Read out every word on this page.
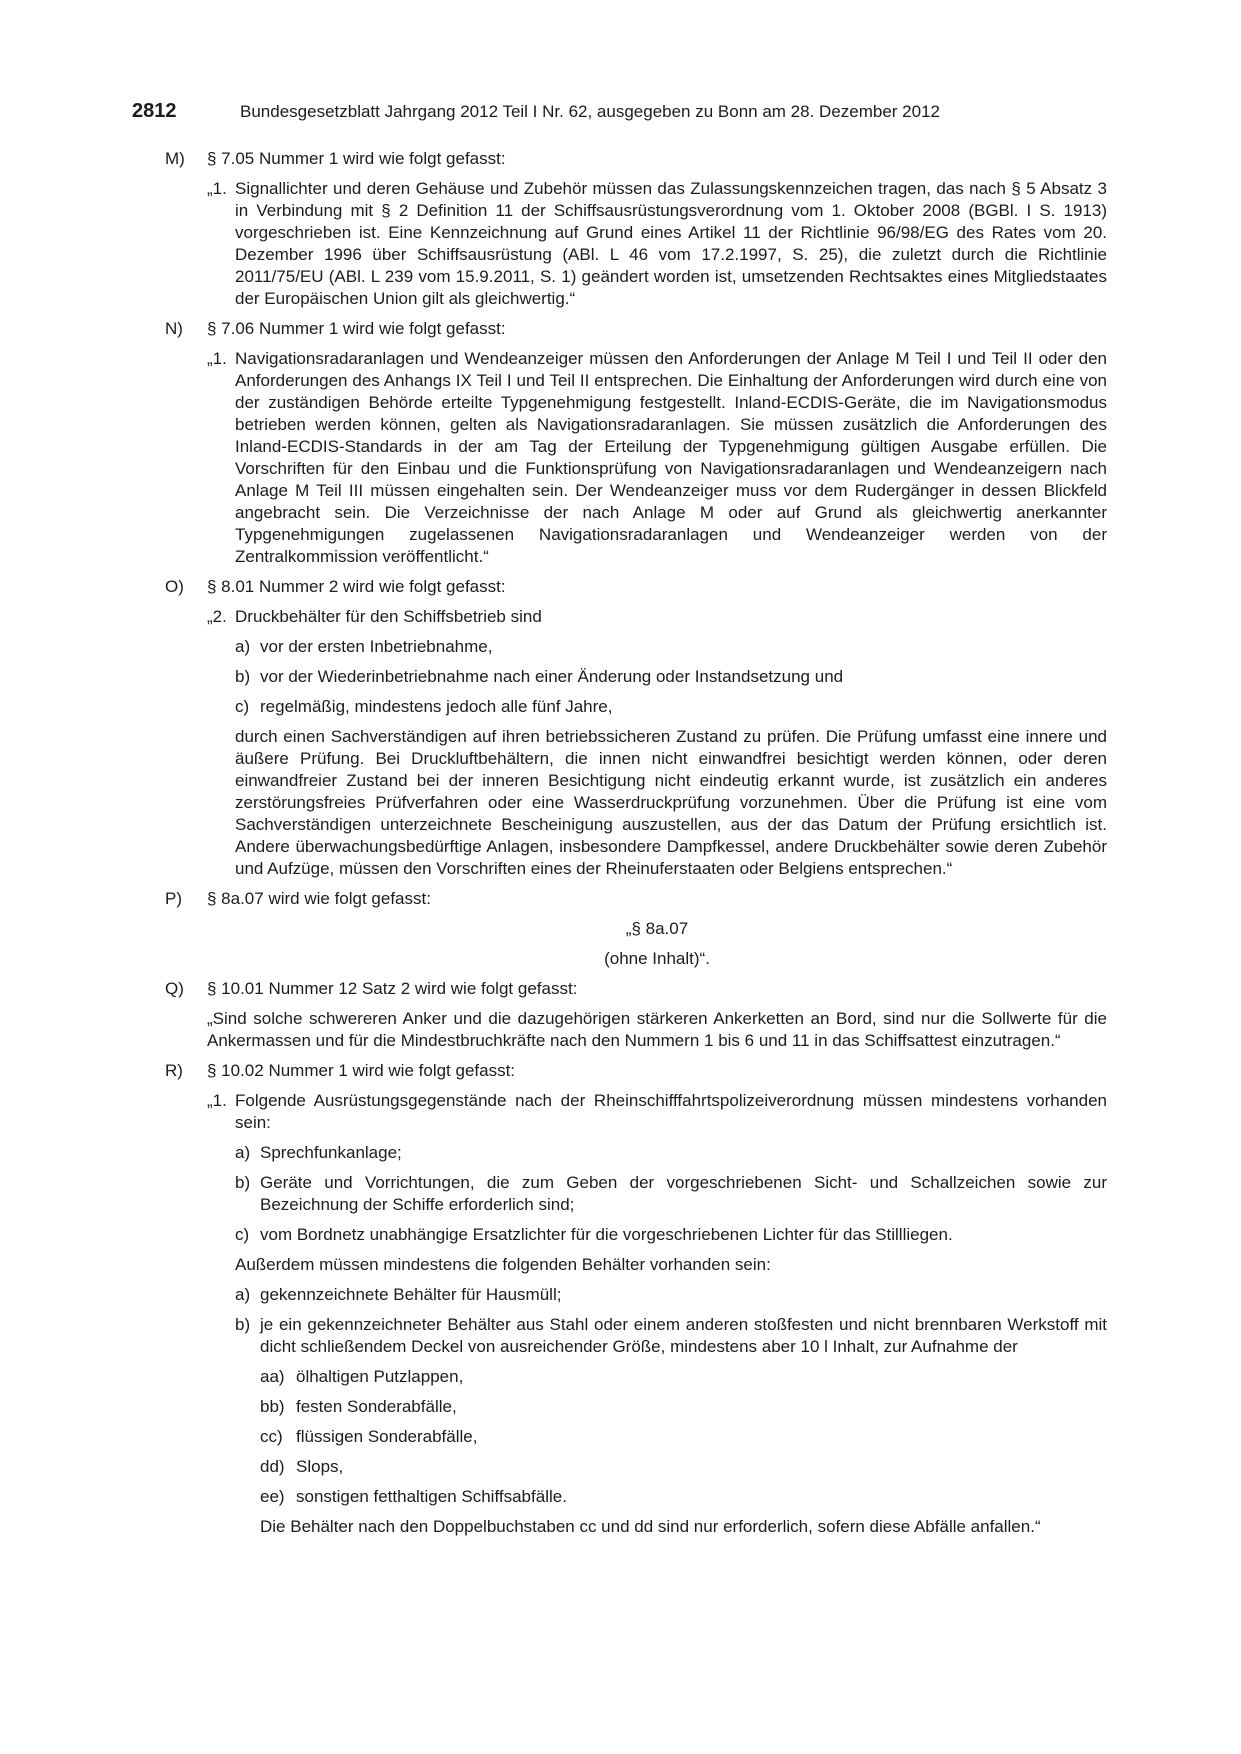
2812	Bundesgesetzblatt Jahrgang 2012 Teil I Nr. 62, ausgegeben zu Bonn am 28. Dezember 2012
M) § 7.05 Nummer 1 wird wie folgt gefasst:
„1. Signallichter und deren Gehäuse und Zubehör müssen das Zulassungskennzeichen tragen, das nach § 5 Absatz 3 in Verbindung mit § 2 Definition 11 der Schiffsausrüstungsverordnung vom 1. Oktober 2008 (BGBl. I S. 1913) vorgeschrieben ist. Eine Kennzeichnung auf Grund eines Artikel 11 der Richtlinie 96/98/EG des Rates vom 20. Dezember 1996 über Schiffsausrüstung (ABl. L 46 vom 17.2.1997, S. 25), die zuletzt durch die Richtlinie 2011/75/EU (ABl. L 239 vom 15.9.2011, S. 1) geändert worden ist, umsetzenden Rechtsaktes eines Mitgliedstaates der Europäischen Union gilt als gleichwertig.“
N) § 7.06 Nummer 1 wird wie folgt gefasst:
„1. Navigationsradaranlagen und Wendeanzeiger müssen den Anforderungen der Anlage M Teil I und Teil II oder den Anforderungen des Anhangs IX Teil I und Teil II entsprechen. Die Einhaltung der Anforderungen wird durch eine von der zuständigen Behörde erteilte Typgenehmigung festgestellt. Inland-ECDIS-Geräte, die im Navigationsmodus betrieben werden können, gelten als Navigationsradaranlagen. Sie müssen zusätzlich die Anforderungen des Inland-ECDIS-Standards in der am Tag der Erteilung der Typgenehmigung gültigen Ausgabe erfüllen. Die Vorschriften für den Einbau und die Funktionsprüfung von Navigationsradaranlagen und Wendeanzeigern nach Anlage M Teil III müssen eingehalten sein. Der Wendeanzeiger muss vor dem Rudergänger in dessen Blickfeld angebracht sein. Die Verzeichnisse der nach Anlage M oder auf Grund als gleichwertig anerkannter Typgenehmigungen zugelassenen Navigationsradaranlagen und Wendeanzeiger werden von der Zentralkommission veröffentlicht.“
O) § 8.01 Nummer 2 wird wie folgt gefasst:
„2. Druckbehälter für den Schiffsbetrieb sind
a) vor der ersten Inbetriebnahme,
b) vor der Wiederinbetriebnahme nach einer Änderung oder Instandsetzung und
c) regelmäßig, mindestens jedoch alle fünf Jahre,
durch einen Sachverständigen auf ihren betriebssicheren Zustand zu prüfen. Die Prüfung umfasst eine innere und äußere Prüfung. Bei Druckluftbehältern, die innen nicht einwandfrei besichtigt werden können, oder deren einwandfreier Zustand bei der inneren Besichtigung nicht eindeutig erkannt wurde, ist zusätzlich ein anderes zerstörungsfreies Prüfverfahren oder eine Wasserdruckprüfung vorzunehmen. Über die Prüfung ist eine vom Sachverständigen unterzeichnete Bescheinigung auszustellen, aus der das Datum der Prüfung ersichtlich ist. Andere überwachungsbedürftige Anlagen, insbesondere Dampfkessel, andere Druckbehälter sowie deren Zubehör und Aufzüge, müssen den Vorschriften eines der Rheinuferstaaten oder Belgiens entsprechen.“
P) § 8a.07 wird wie folgt gefasst:
„§ 8a.07
(ohne Inhalt)“.
Q) § 10.01 Nummer 12 Satz 2 wird wie folgt gefasst:
„Sind solche schwereren Anker und die dazugehörigen stärkeren Ankerketten an Bord, sind nur die Sollwerte für die Ankermassen und für die Mindestbruchkräfte nach den Nummern 1 bis 6 und 11 in das Schiffsattest einzutragen.“
R) § 10.02 Nummer 1 wird wie folgt gefasst:
„1. Folgende Ausrüstungsgegenstände nach der Rheinschifffahrtspolizeiverordnung müssen mindestens vorhanden sein:
a) Sprechfunkanlage;
b) Geräte und Vorrichtungen, die zum Geben der vorgeschriebenen Sicht- und Schallzeichen sowie zur Bezeichnung der Schiffe erforderlich sind;
c) vom Bordnetz unabhängige Ersatzlichter für die vorgeschriebenen Lichter für das Stillliegen.
Außerdem müssen mindestens die folgenden Behälter vorhanden sein:
a) gekennzeichnete Behälter für Hausmüll;
b) je ein gekennzeichneter Behälter aus Stahl oder einem anderen stoßfesten und nicht brennbaren Werkstoff mit dicht schließendem Deckel von ausreichender Größe, mindestens aber 10 l Inhalt, zur Aufnahme der
aa) ölhaltigen Putzlappen,
bb) festen Sonderabfälle,
cc) flüssigen Sonderabfälle,
dd) Slops,
ee) sonstigen fetthaltigen Schiffsabfälle.
Die Behälter nach den Doppelbuchstaben cc und dd sind nur erforderlich, sofern diese Abfälle anfallen.“
